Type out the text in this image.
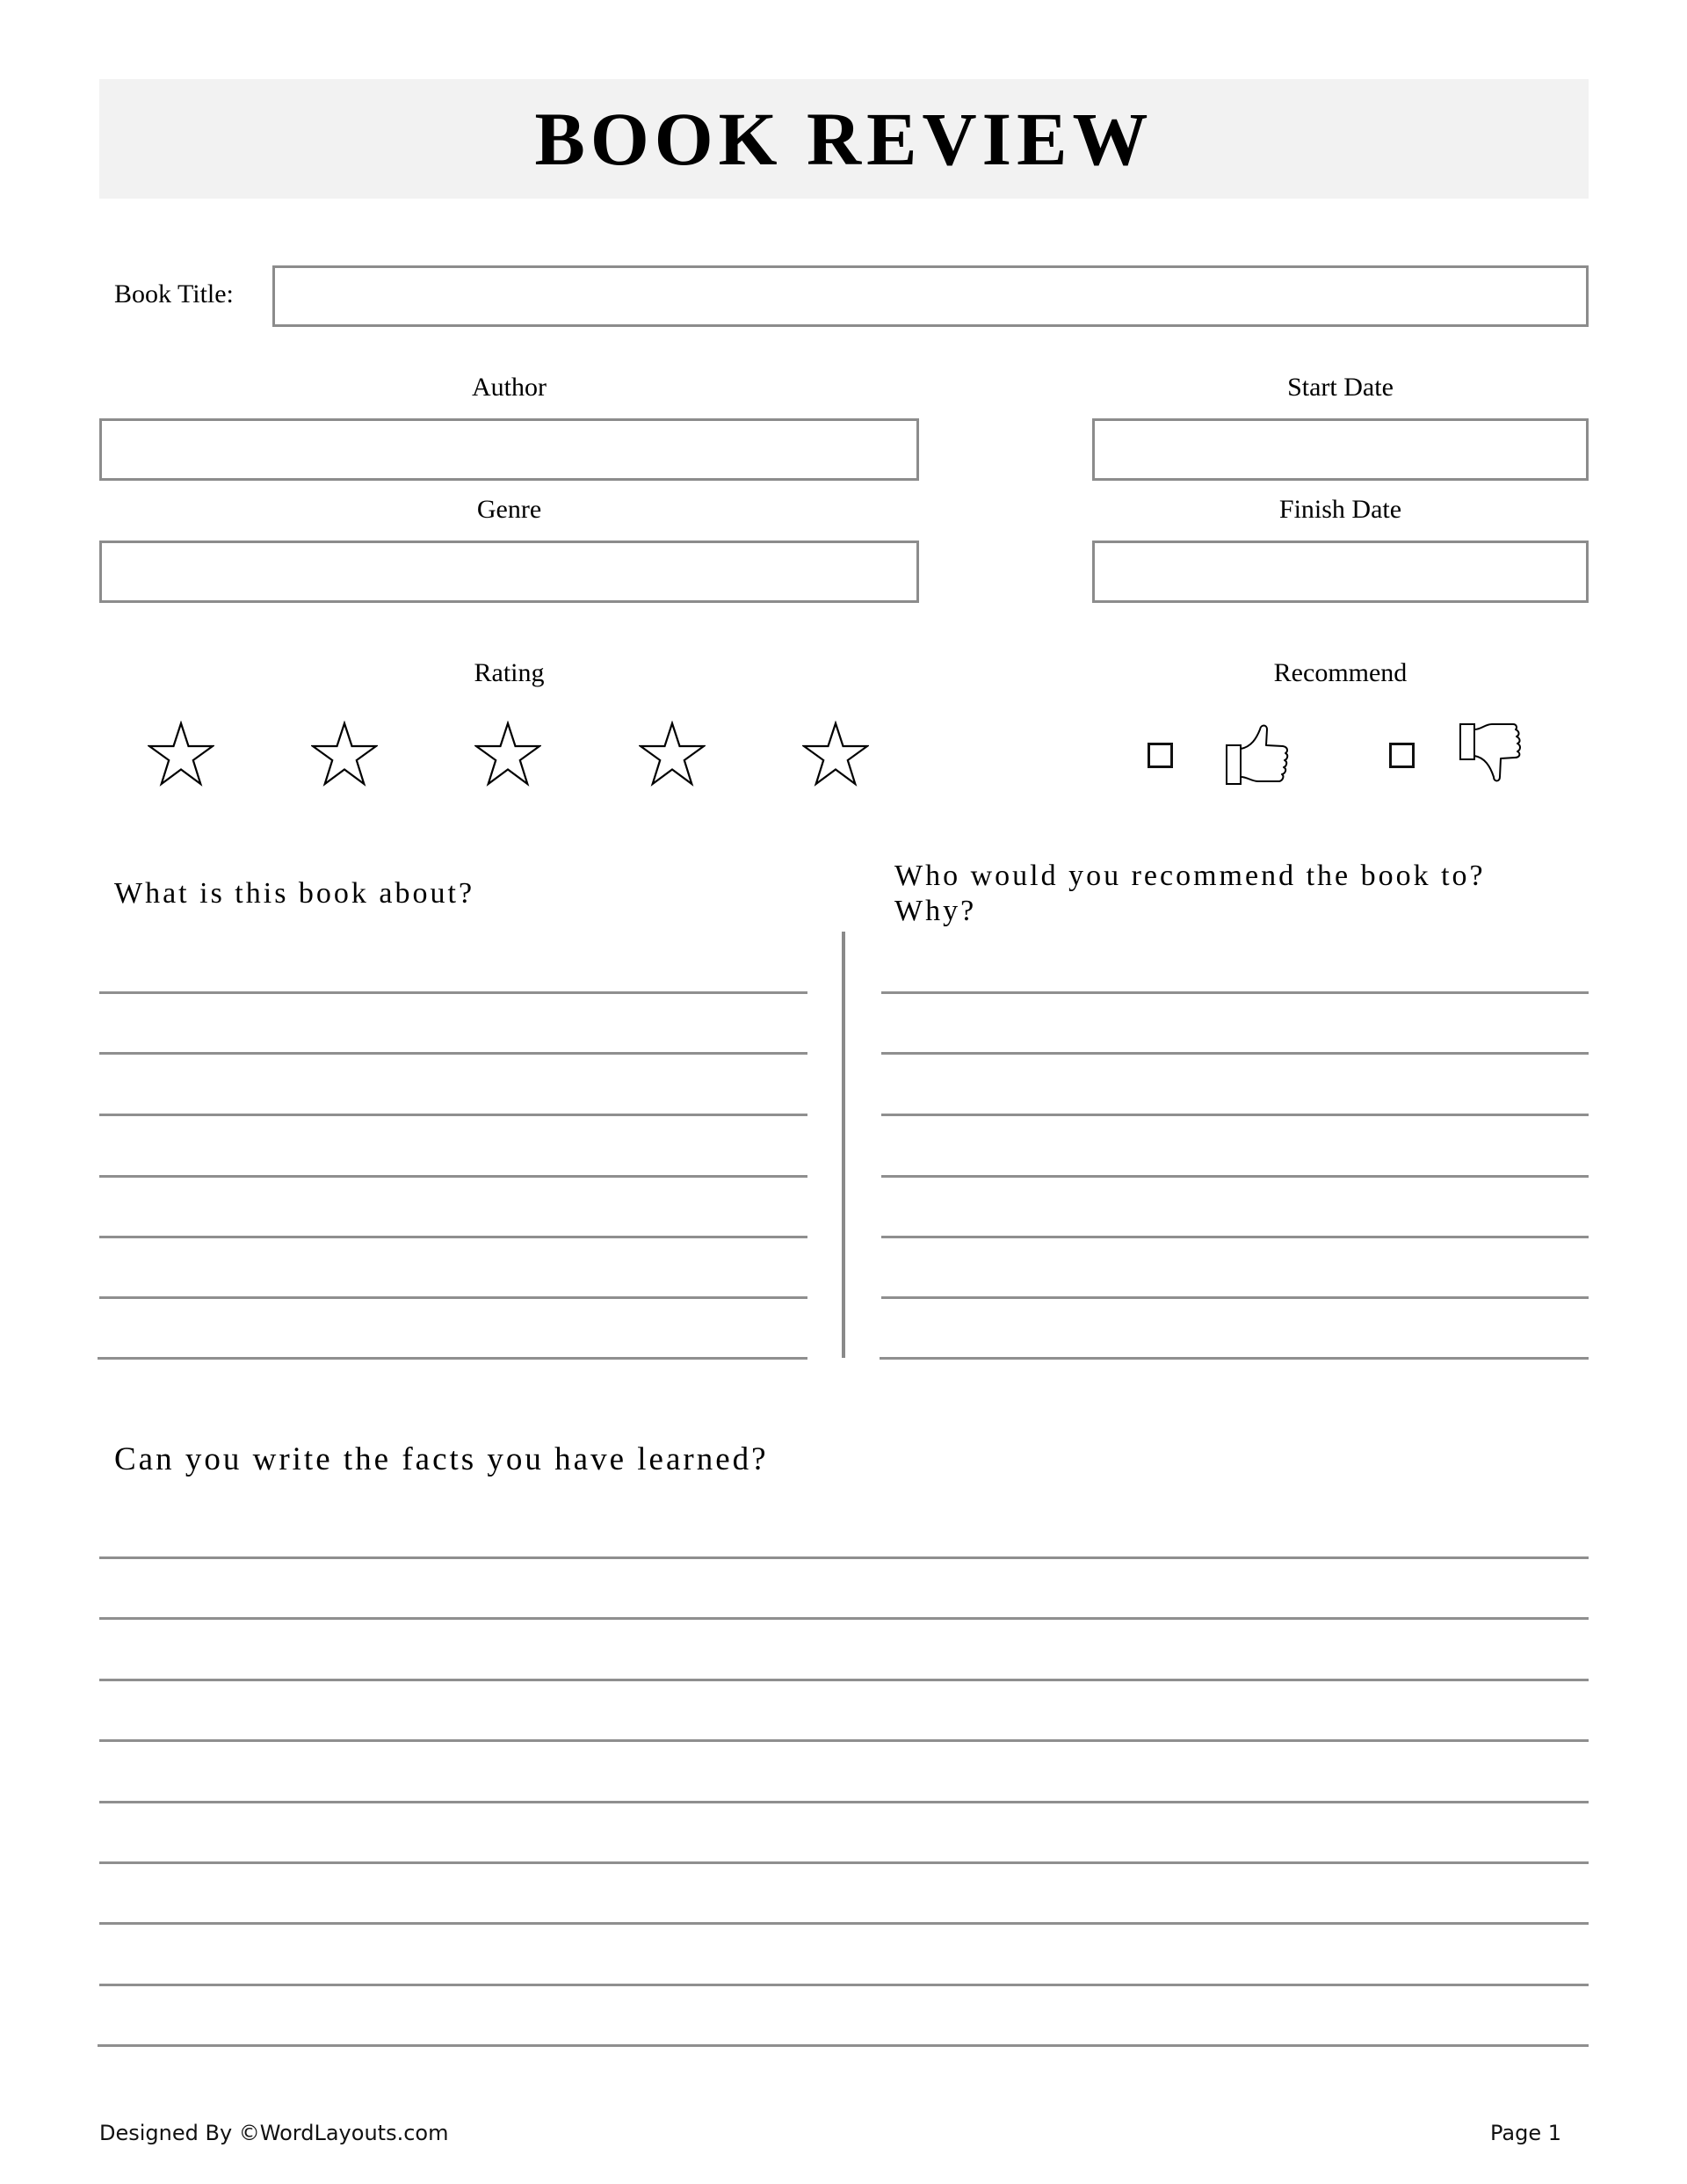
BOOK REVIEW
Book Title:
Author	Start Date
Genre	Finish Date
Rating	Recommend
What is this book about?
Who would you recommend the book to?
Why?
Can you write the facts you have learned?
Designed By ©WordLayouts.com	Page 1
